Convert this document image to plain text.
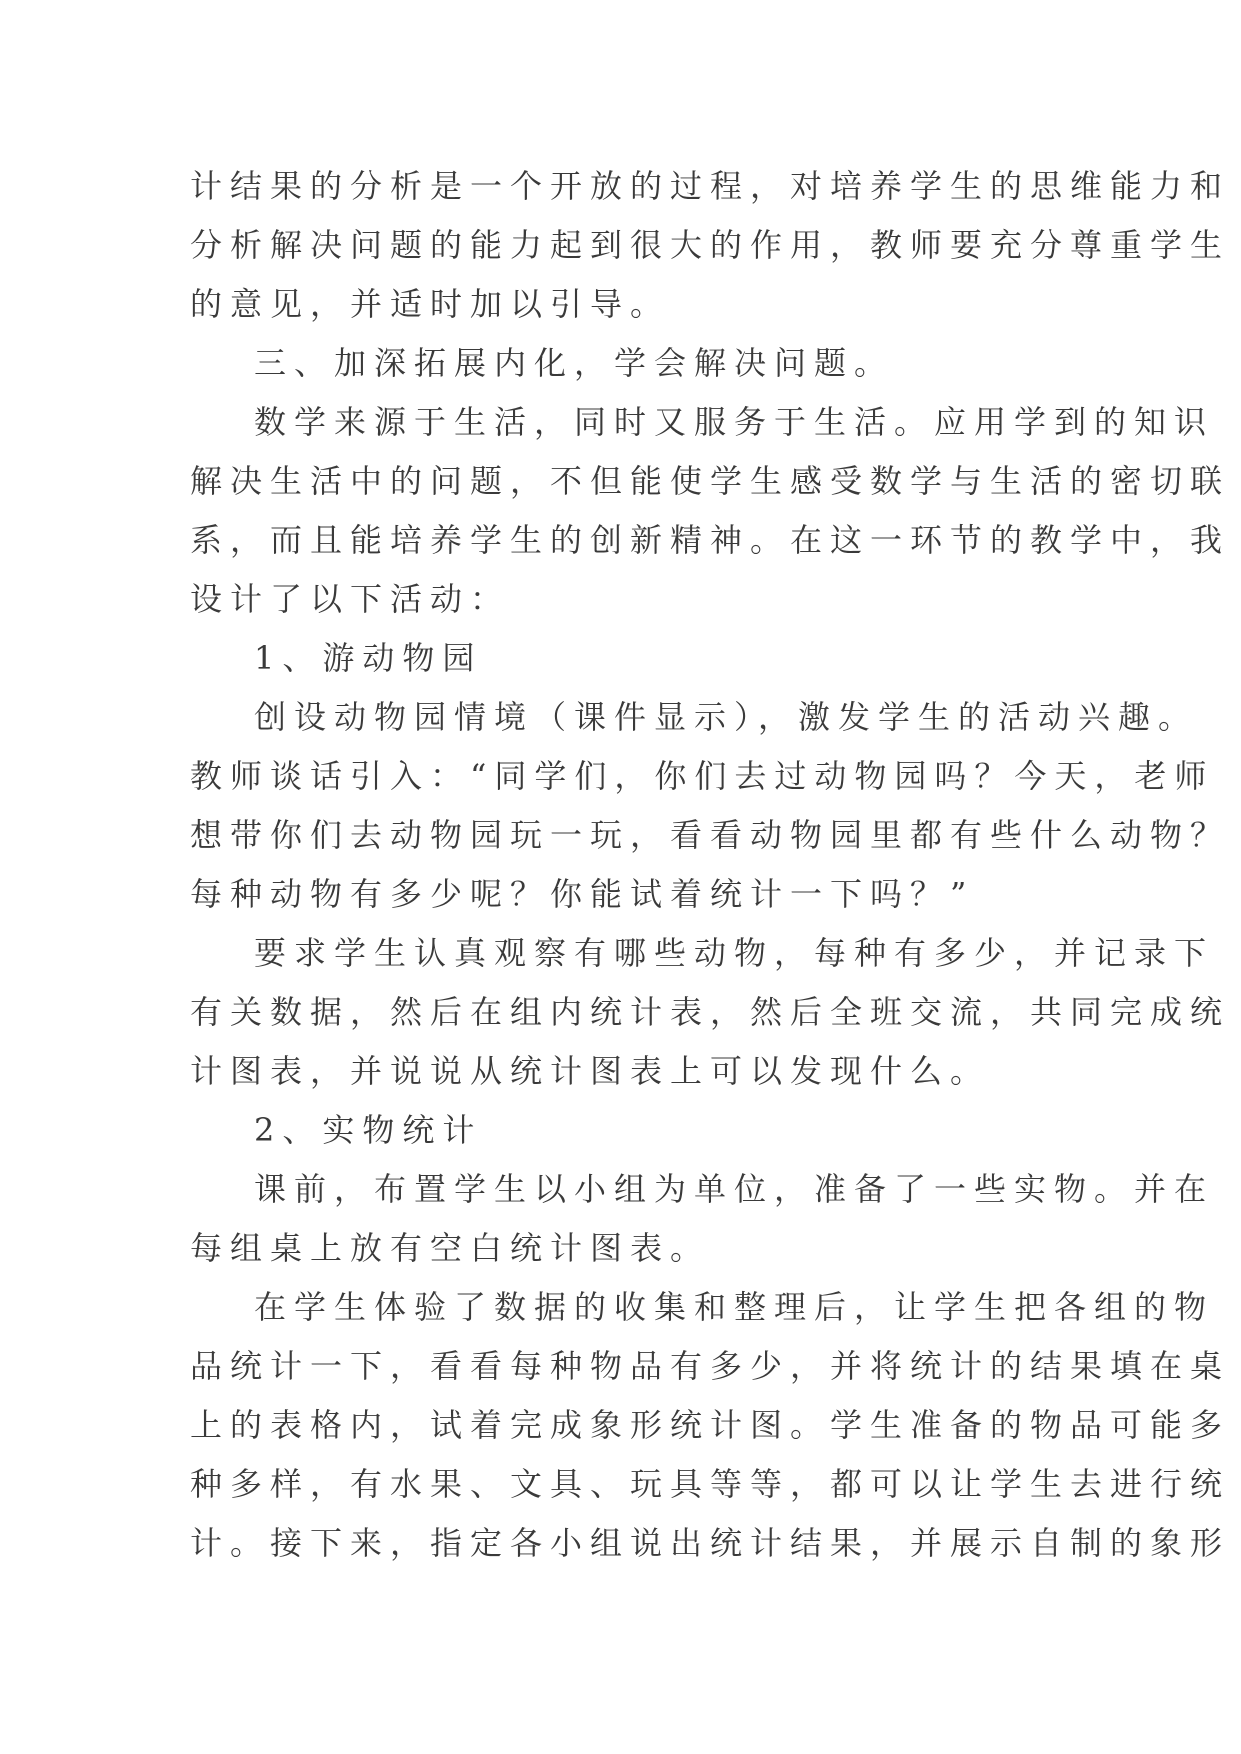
计结果的分析是一个开放的过程，对培养学生的思维能力和
分析解决问题的能力起到很大的作用，教师要充分尊重学生
的意见，并适时加以引导。
三、加深拓展内化，学会解决问题。
数学来源于生活，同时又服务于生活。应用学到的知识
解决生活中的问题，不但能使学生感受数学与生活的密切联
系，而且能培养学生的创新精神。在这一环节的教学中，我
设计了以下活动：
1、游动物园
创设动物园情境（课件显示），激发学生的活动兴趣。
教师谈话引入：“同学们，你们去过动物园吗？今天，老师
想带你们去动物园玩一玩，看看动物园里都有些什么动物？
每种动物有多少呢？你能试着统计一下吗？”
要求学生认真观察有哪些动物，每种有多少，并记录下
有关数据，然后在组内统计表，然后全班交流，共同完成统
计图表，并说说从统计图表上可以发现什么。
2、实物统计
课前，布置学生以小组为单位，准备了一些实物。并在
每组桌上放有空白统计图表。
在学生体验了数据的收集和整理后，让学生把各组的物
品统计一下，看看每种物品有多少，并将统计的结果填在桌
上的表格内，试着完成象形统计图。学生准备的物品可能多
种多样，有水果、文具、玩具等等，都可以让学生去进行统
计。接下来，指定各小组说出统计结果，并展示自制的象形
